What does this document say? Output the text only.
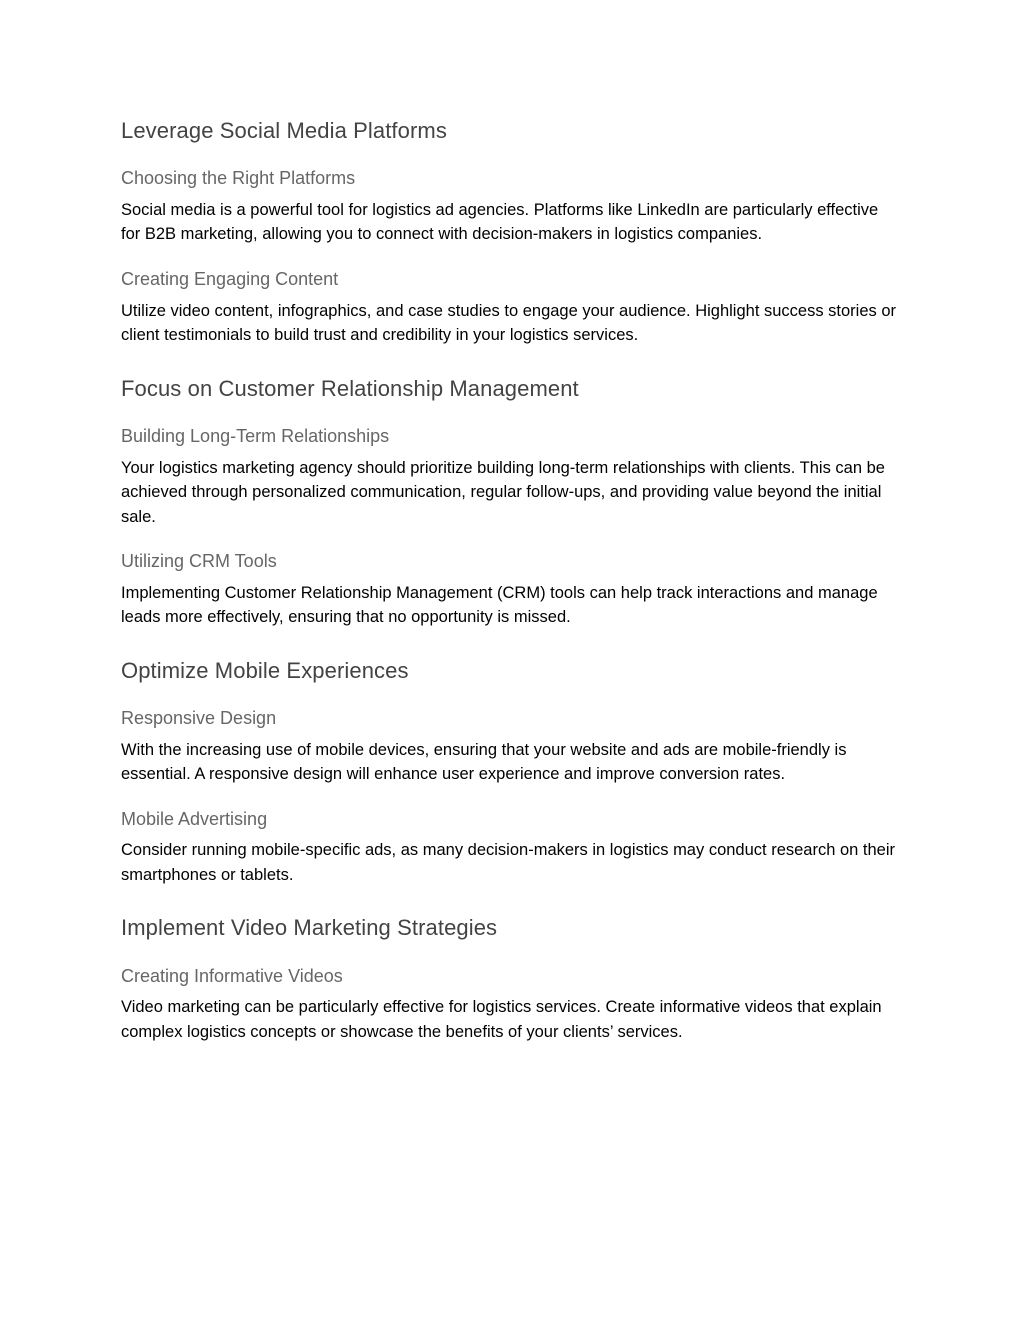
Leverage Social Media Platforms
Choosing the Right Platforms

Social media is a powerful tool for logistics ad agencies. Platforms like LinkedIn are particularly effective for B2B marketing, allowing you to connect with decision-makers in logistics companies.

Creating Engaging Content

Utilize video content, infographics, and case studies to engage your audience. Highlight success stories or client testimonials to build trust and credibility in your logistics services.

Focus on Customer Relationship Management
Building Long-Term Relationships

Your logistics marketing agency should prioritize building long-term relationships with clients. This can be achieved through personalized communication, regular follow-ups, and providing value beyond the initial sale.

Utilizing CRM Tools

Implementing Customer Relationship Management (CRM) tools can help track interactions and manage leads more effectively, ensuring that no opportunity is missed.

Optimize Mobile Experiences
Responsive Design

With the increasing use of mobile devices, ensuring that your website and ads are mobile-friendly is essential. A responsive design will enhance user experience and improve conversion rates.

Mobile Advertising

Consider running mobile-specific ads, as many decision-makers in logistics may conduct research on their smartphones or tablets.

Implement Video Marketing Strategies
Creating Informative Videos

Video marketing can be particularly effective for logistics services. Create informative videos that explain complex logistics concepts or showcase the benefits of your clients’ services.
